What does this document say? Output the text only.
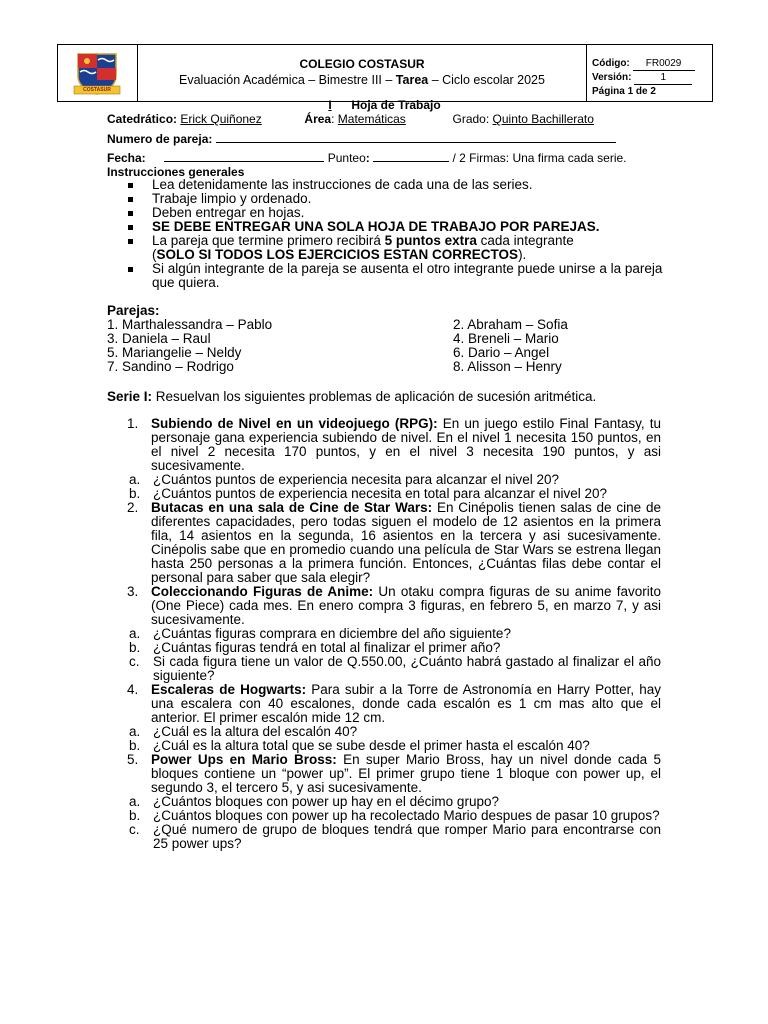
COSTASUR
COLEGIO COSTASUR
Evaluación Académica – Bimestre III – Tarea – Ciclo escolar 2025
Código: FR0029
Versión:	1
Página 1 de 2
I Hoja de Trabajo
Catedrático: Erick Quiñonez	Área: Matemáticas	Grado: Quinto Bachillerato
Numero de pareja:
Fecha:	Punteo:	/ 2 Firmas: Una firma cada serie.
Instrucciones generales
Lea detenidamente las instrucciones de cada una de las series.
Trabaje limpio y ordenado.
Deben entregar en hojas.
SE DEBE ENTREGAR UNA SOLA HOJA DE TRABAJO POR PAREJAS.
La pareja que termine primero recibirá 5 puntos extra cada integrante
(SOLO SI TODOS LOS EJERCICIOS ESTAN CORRECTOS).
Si algún integrante de la pareja se ausenta el otro integrante puede unirse a la pareja que quiera.
Parejas:
1. Marthalessandra – Pablo	2. Abraham – Sofia
3. Daniela – Raul	4. Breneli – Mario
5. Mariangelie – Neldy	6. Dario – Angel
7. Sandino – Rodrigo	8. Alisson – Henry
Serie I: Resuelvan los siguientes problemas de aplicación de sucesión aritmética.
1. Subiendo de Nivel en un videojuego (RPG): En un juego estilo Final Fantasy, tu personaje gana experiencia subiendo de nivel. En el nivel 1 necesita 150 puntos, en el nivel 2 necesita 170 puntos, y en el nivel 3 necesita 190 puntos, y asi sucesivamente.
a. ¿Cuántos puntos de experiencia necesita para alcanzar el nivel 20?
b. ¿Cuántos puntos de experiencia necesita en total para alcanzar el nivel 20?
2. Butacas en una sala de Cine de Star Wars: En Cinépolis tienen salas de cine de diferentes capacidades, pero todas siguen el modelo de 12 asientos en la primera fila, 14 asientos en la segunda, 16 asientos en la tercera y asi sucesivamente. Cinépolis sabe que en promedio cuando una película de Star Wars se estrena llegan hasta 250 personas a la primera función. Entonces, ¿Cuántas filas debe contar el personal para saber que sala elegir?
3. Coleccionando Figuras de Anime: Un otaku compra figuras de su anime favorito (One Piece) cada mes. En enero compra 3 figuras, en febrero 5, en marzo 7, y asi sucesivamente.
a. ¿Cuántas figuras comprara en diciembre del año siguiente?
b. ¿Cuántas figuras tendrá en total al finalizar el primer año?
c. Si cada figura tiene un valor de Q.550.00, ¿Cuánto habrá gastado al finalizar el año siguiente?
4. Escaleras de Hogwarts: Para subir a la Torre de Astronomía en Harry Potter, hay una escalera con 40 escalones, donde cada escalón es 1 cm mas alto que el anterior. El primer escalón mide 12 cm.
a. ¿Cuál es la altura del escalón 40?
b. ¿Cuál es la altura total que se sube desde el primer hasta el escalón 40?
5. Power Ups en Mario Bross: En super Mario Bross, hay un nivel donde cada 5 bloques contiene un “power up”. El primer grupo tiene 1 bloque con power up, el segundo 3, el tercero 5, y asi sucesivamente.
a. ¿Cuántos bloques con power up hay en el décimo grupo?
b. ¿Cuántos bloques con power up ha recolectado Mario despues de pasar 10 grupos?
c. ¿Qué numero de grupo de bloques tendrá que romper Mario para encontrarse con 25 power ups?
